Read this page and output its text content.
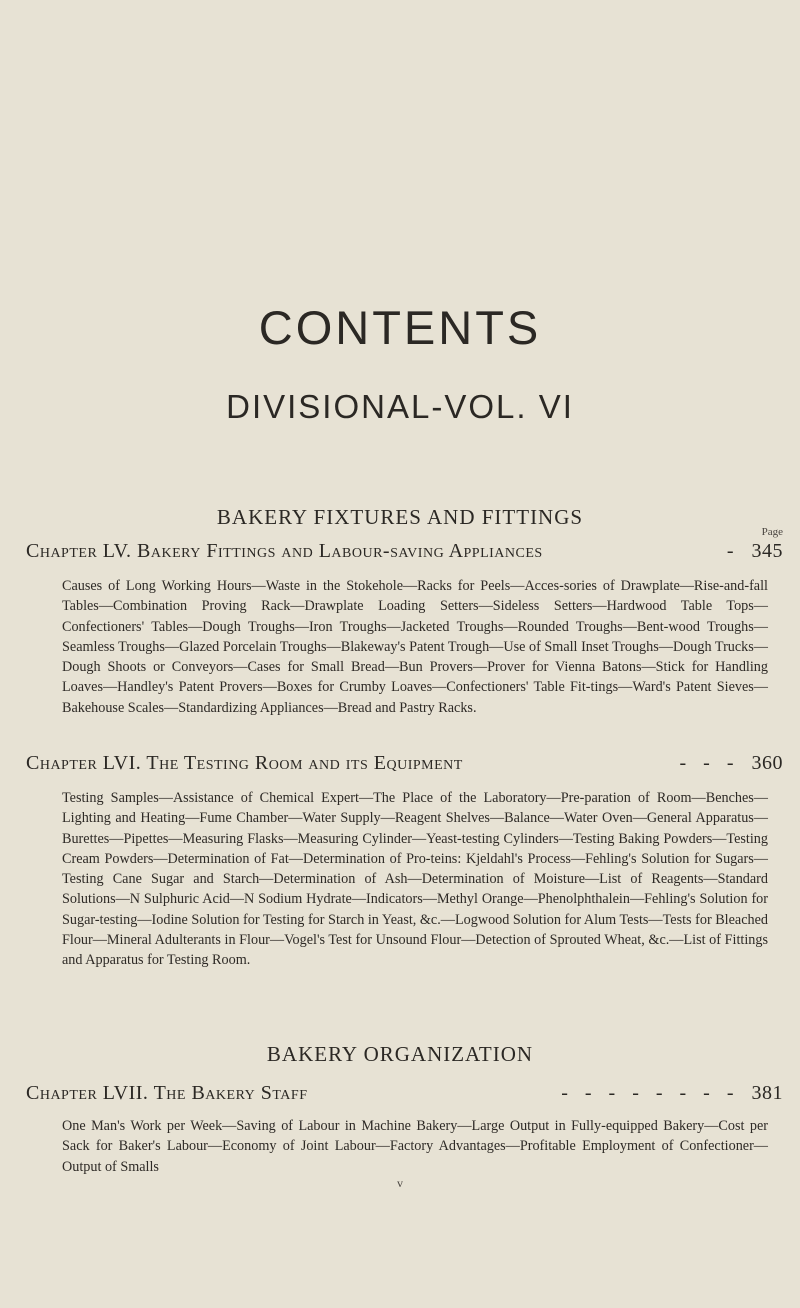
CONTENTS
DIVISIONAL-VOL. VI
BAKERY FIXTURES AND FITTINGS
Page
Chapter LV. Bakery Fittings and Labour-saving Appliances	- 345
Causes of Long Working Hours—Waste in the Stokehole—Racks for Peels—Acces-sories of Drawplate—Rise-and-fall Tables—Combination Proving Rack—Drawplate Loading Setters—Sideless Setters—Hardwood Table Tops—Confectioners' Tables—Dough Troughs—Iron Troughs—Jacketed Troughs—Rounded Troughs—Bent-wood Troughs—Seamless Troughs—Glazed Porcelain Troughs—Blakeway's Patent Trough—Use of Small Inset Troughs—Dough Trucks—Dough Shoots or Conveyors—Cases for Small Bread—Bun Provers—Prover for Vienna Batons—Stick for Handling Loaves—Handley's Patent Provers—Boxes for Crumby Loaves—Confectioners' Table Fit-tings—Ward's Patent Sieves—Bakehouse Scales—Standardizing Appliances—Bread and Pastry Racks.
Chapter LVI. The Testing Room and its Equipment	- - - 360
Testing Samples—Assistance of Chemical Expert—The Place of the Laboratory—Pre-paration of Room—Benches—Lighting and Heating—Fume Chamber—Water Supply—Reagent Shelves—Balance—Water Oven—General Apparatus—Burettes—Pipettes—Measuring Flasks—Measuring Cylinder—Yeast-testing Cylinders—Testing Baking Powders—Testing Cream Powders—Determination of Fat—Determination of Pro-teins: Kjeldahl's Process—Fehling's Solution for Sugars—Testing Cane Sugar and Starch—Determination of Ash—Determination of Moisture—List of Reagents—Standard Solutions—N Sulphuric Acid—N Sodium Hydrate—Indicators—Methyl Orange—Phenolphthalein—Fehling's Solution for Sugar-testing—Iodine Solution for Testing for Starch in Yeast, &c.—Logwood Solution for Alum Tests—Tests for Bleached Flour—Mineral Adulterants in Flour—Vogel's Test for Unsound Flour—Detection of Sprouted Wheat, &c.—List of Fittings and Apparatus for Testing Room.
BAKERY ORGANIZATION
Chapter LVII. The Bakery Staff	- - - - - - - - 381
One Man's Work per Week—Saving of Labour in Machine Bakery—Large Output in Fully-equipped Bakery—Cost per Sack for Baker's Labour—Economy of Joint Labour—Factory Advantages—Profitable Employment of Confectioner—Output of Smalls
v
